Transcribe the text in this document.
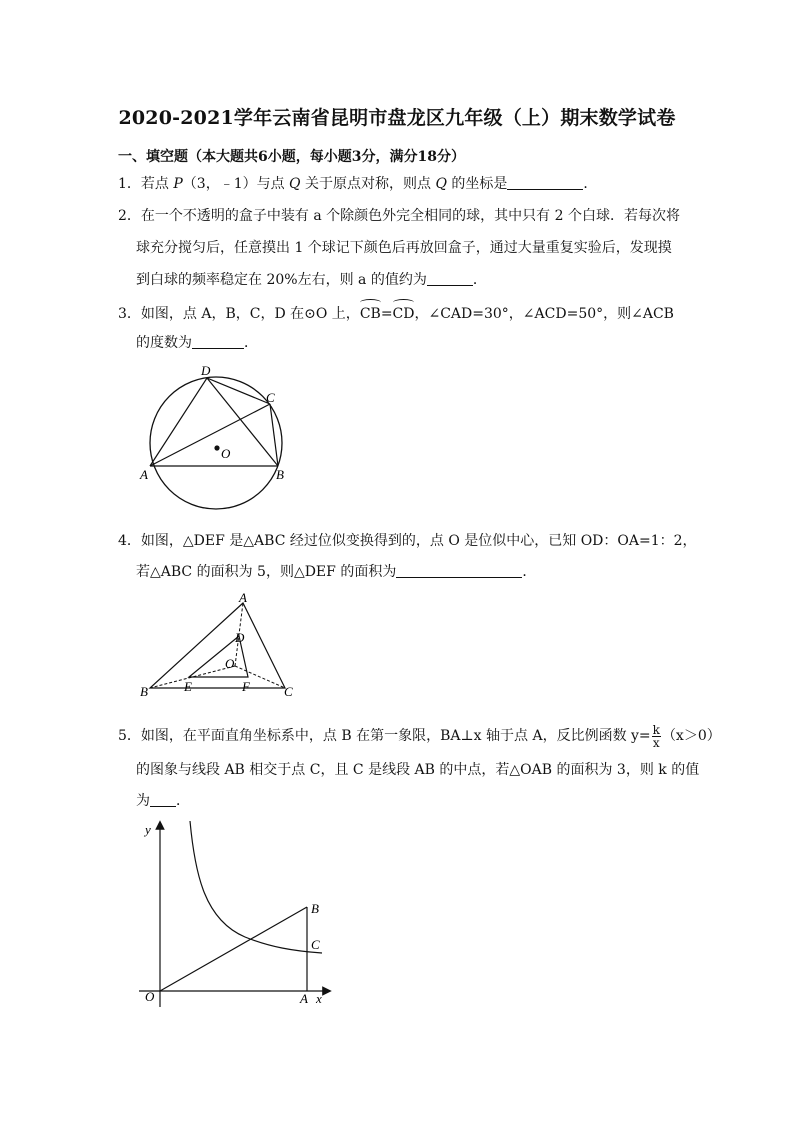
2020-2021学年云南省昆明市盘龙区九年级（上）期末数学试卷
一、填空题（本大题共6小题，每小题3分，满分18分）
1．若点 P（3，﹣1）与点 Q 关于原点对称，则点 Q 的坐标是	．
2．在一个不透明的盒子中装有 a 个除颜色外完全相同的球，其中只有 2 个白球．若每次将
球充分搅匀后，任意摸出 1 个球记下颜色后再放回盒子，通过大量重复实验后，发现摸
到白球的频率稳定在 20%左右，则 a 的值约为	．
3．如图，点 A，B，C，D 在⊙O 上，CB=CD，∠CAD=30°，∠ACD=50°，则∠ACB
的度数为	．
D
C
O
A	B
4．如图，△DEF 是△ABC 经过位似变换得到的，点 O 是位似中心，已知 OD：OA=1：2，
若△ABC 的面积为 5，则△DEF 的面积为	．
A
D
O
E	F
B	C
5．如图，在平面直角坐标系中，点 B 在第一象限，BA⊥x 轴于点 A，反比例函数 $y= \frac{k}{x} (x>0)$
的图象与线段 AB 相交于点 C，且 C 是线段 AB 的中点，若△OAB 的面积为 3，则 k 的值
为 ．
y
B
C
O	A x
